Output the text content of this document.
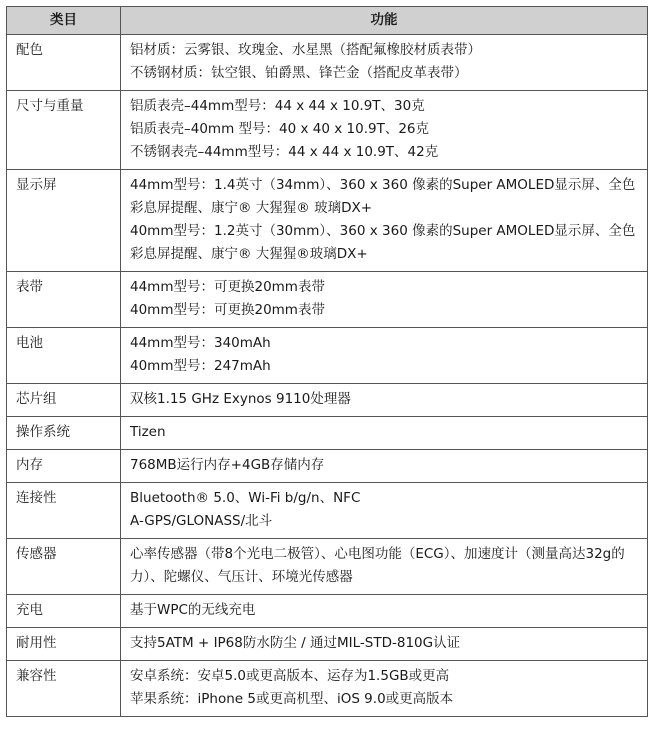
类目	功能
配色	铝材质：云雾银、玫瑰金、水星黑（搭配氟橡胶材质表带）
不锈钢材质：钛空银、铂爵黑、锋芒金（搭配皮革表带）

尺寸与重量	铝质表壳–44mm型号：44 x 44 x 10.9T、30克
铝质表壳–40mm 型号：40 x 40 x 10.9T、26克
不锈钢表壳–44mm型号：44 x 44 x 10.9T、42克

显示屏	44mm型号：1.4英寸（34mm）、360 x 360 像素的Super AMOLED显示屏、全色彩息屏提醒、康宁® 大猩猩® 玻璃DX+
40mm型号：1.2英寸（30mm）、360 x 360 像素的Super AMOLED显示屏、全色彩息屏提醒、康宁® 大猩猩®玻璃DX+

表带	44mm型号：可更换20mm表带
40mm型号：可更换20mm表带

电池	44mm型号：340mAh
40mm型号：247mAh

芯片组	双核1.15 GHz Exynos 9110处理器

操作系统	Tizen

内存	768MB运行内存+4GB存储内存

连接性	Bluetooth® 5.0、Wi-Fi b/g/n、NFC
A-GPS/GLONASS/北斗

传感器	心率传感器（带8个光电二极管）、心电图功能（ECG）、加速度计（测量高达32g的力）、陀螺仪、气压计、环境光传感器

充电	基于WPC的无线充电

耐用性	支持5ATM + IP68防水防尘 / 通过MIL-STD-810G认证

兼容性	安卓系统：安卓5.0或更高版本、运存为1.5GB或更高
苹果系统：iPhone 5或更高机型、iOS 9.0或更高版本
